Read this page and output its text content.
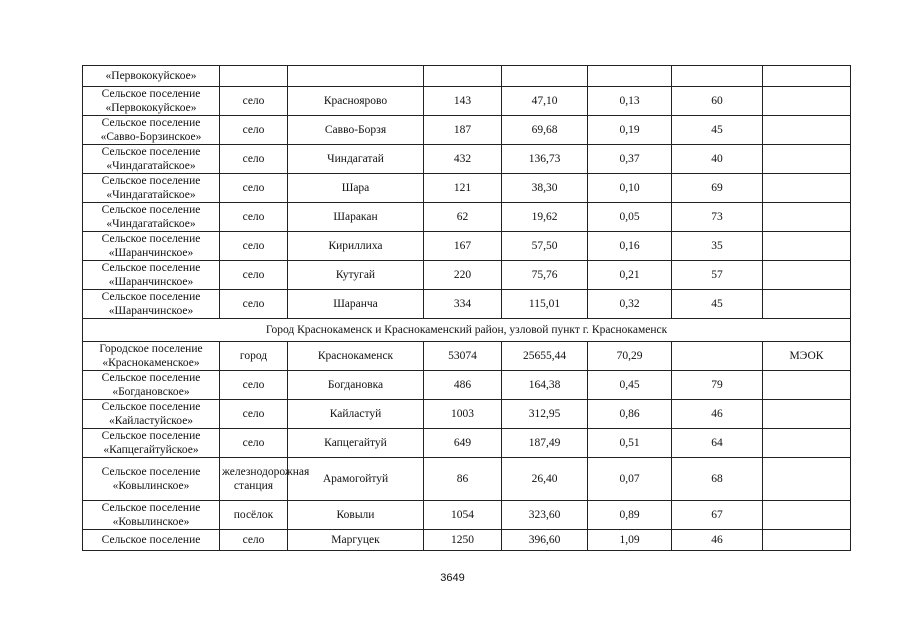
«Первококуйское»							
Сельское поселение «Первококуйское»	село	Красноярово	143	47,10	0,13	60	
Сельское поселение «Савво-Борзинское»	село	Савво-Борзя	187	69,68	0,19	45	
Сельское поселение «Чиндагатайское»	село	Чиндагатай	432	136,73	0,37	40	
Сельское поселение «Чиндагатайское»	село	Шара	121	38,30	0,10	69	
Сельское поселение «Чиндагатайское»	село	Шаракан	62	19,62	0,05	73	
Сельское поселение «Шаранчинское»	село	Кириллиха	167	57,50	0,16	35	
Сельское поселение «Шаранчинское»	село	Кутугай	220	75,76	0,21	57	
Сельское поселение «Шаранчинское»	село	Шаранча	334	115,01	0,32	45	
Город Краснокаменск и Краснокаменский район, узловой пункт г. Краснокаменск							
Городское поселение «Краснокаменское»	город	Краснокаменск	53074	25655,44	70,29		МЭОК
Сельское поселение «Богдановское»	село	Богдановка	486	164,38	0,45	79	
Сельское поселение «Кайластуйское»	село	Кайластуй	1003	312,95	0,86	46	
Сельское поселение «Капцегайтуйское»	село	Капцегайтуй	649	187,49	0,51	64	
Сельское поселение «Ковылинское»	железнодорожная станция	Арамогойтуй	86	26,40	0,07	68	
Сельское поселение «Ковылинское»	посёлок	Ковыли	1054	323,60	0,89	67	
Сельское поселение	село	Маргуцек	1250	396,60	1,09	46	
3649
